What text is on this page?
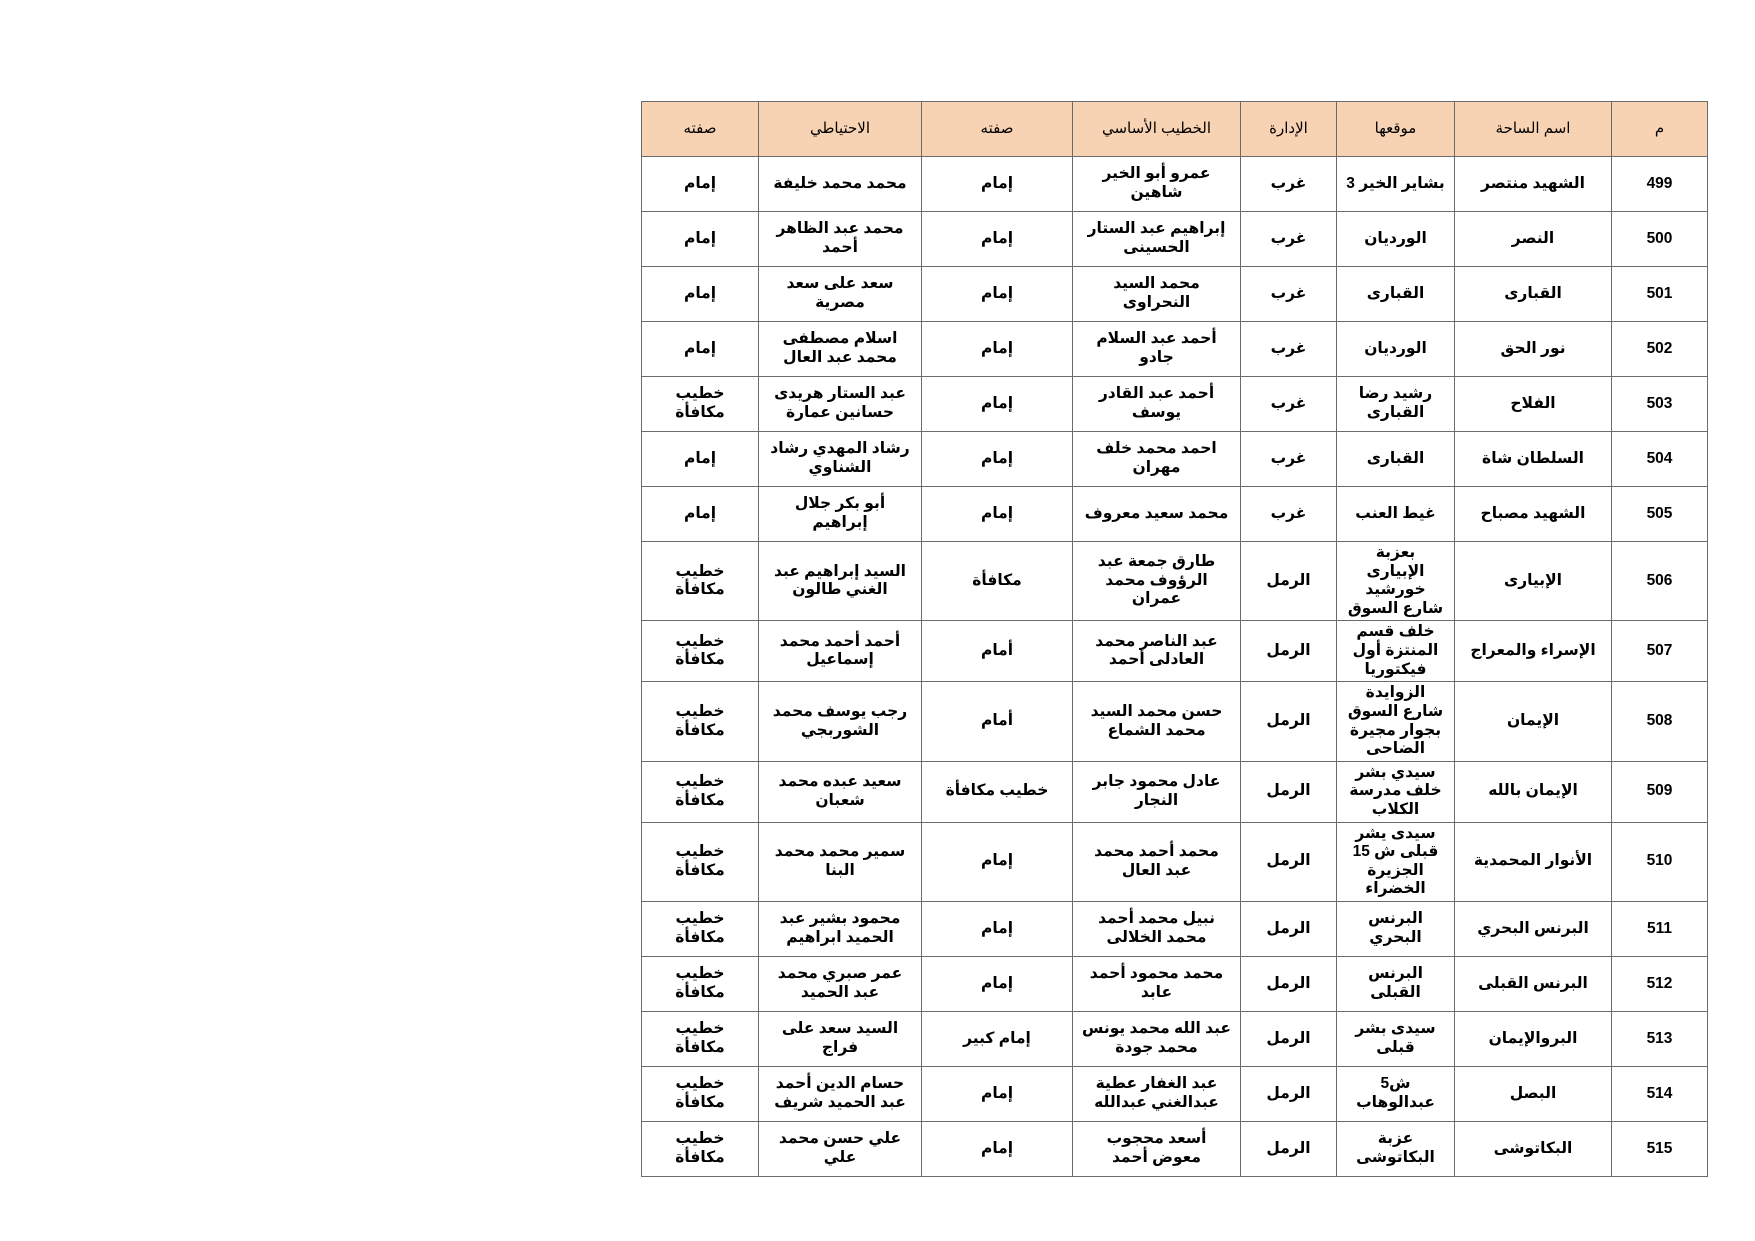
م	اسم الساحة	موقعها	الإدارة	الخطيب الأساسي	صفته	الاحتياطي	صفته
499	الشهيد منتصر	بشاير الخير 3	غرب	عمرو أبو الخير شاهين	إمام	محمد محمد خليفة	إمام
500	النصر	الورديان	غرب	إبراهيم عبد الستار الحسينى	إمام	محمد عبد الظاهر أحمد	إمام
501	القبارى	القبارى	غرب	محمد السيد النحراوى	إمام	سعد على سعد مصرية	إمام
502	نور الحق	الورديان	غرب	أحمد عبد السلام جادو	إمام	اسلام مصطفى محمد عبد العال	إمام
503	الفلاح	رشيد رضا القبارى	غرب	أحمد عبد القادر يوسف	إمام	عبد الستار هريدى حسانين عمارة	خطيب مكافأة
504	السلطان شاة	القبارى	غرب	احمد محمد خلف مهران	إمام	رشاد المهدي رشاد الشناوي	إمام
505	الشهيد مصباح	غيط العنب	غرب	محمد سعيد معروف	إمام	أبو بكر جلال إبراهيم	إمام
506	الإبيارى	بعزبة الإبيارى خورشيد شارع السوق	الرمل	طارق جمعة عبد الرؤوف محمد عمران	مكافأة	السيد إبراهيم عبد الغني طالون	خطيب مكافأة
507	الإسراء والمعراج	خلف قسم المنتزة أول فيكتوريا	الرمل	عبد الناصر محمد العادلى أحمد	أمام	أحمد أحمد محمد إسماعيل	خطيب مكافأة
508	الإيمان	الزوايدة شارع السوق بجوار مجيرة الضاحى	الرمل	حسن محمد السيد محمد الشماع	أمام	رجب يوسف محمد الشوربجي	خطيب مكافأة
509	الإيمان بالله	سيدي بشر خلف مدرسة الكلاب	الرمل	عادل محمود جابر النجار	خطيب مكافأة	سعيد عبده محمد شعبان	خطيب مكافأة
510	الأنوار المحمدية	سيدى يشر قبلى ش 15 الجزيرة الخضراء	الرمل	محمد أحمد محمد عبد العال	إمام	سمير محمد محمد البنا	خطيب مكافأة
511	البرنس البحري	البرنس البحري	الرمل	نبيل محمد أحمد محمد الخلالى	إمام	محمود بشير عبد الحميد ابراهيم	خطيب مكافأة
512	البرنس القبلى	البرنس القبلى	الرمل	محمد محمود أحمد عابد	إمام	عمر صبري محمد عبد الحميد	خطيب مكافأة
513	البروالإيمان	سيدى بشر قبلى	الرمل	عبد الله محمد يونس محمد جودة	إمام كبير	السيد سعد على فراج	خطيب مكافأة
514	البصل	ش5 عبدالوهاب	الرمل	عبد الغفار عطية عبدالغني عبدالله	إمام	حسام الدين أحمد عبد الحميد شريف	خطيب مكافأة
515	البكاتوشى	عزبة البكاتوشى	الرمل	أسعد محجوب معوض أحمد	إمام	علي حسن محمد علي	خطيب مكافأة
